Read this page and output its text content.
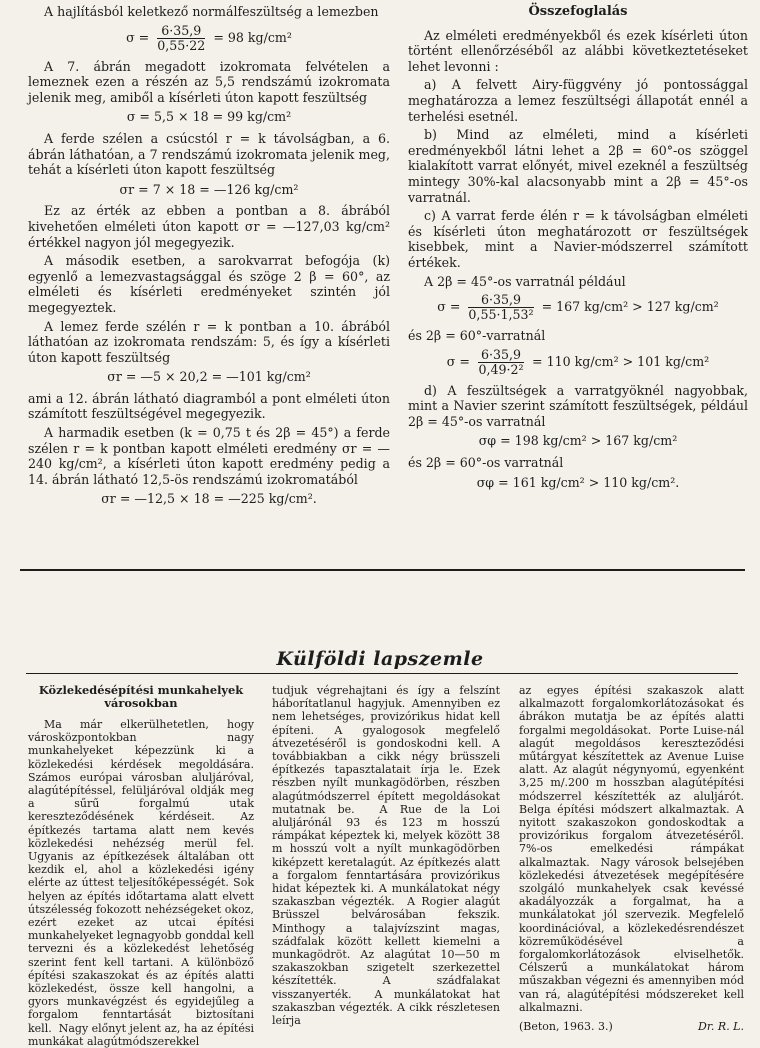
A hajlításból keletkező normálfeszültség a lemezben

$\sigma = \frac{6\cdot 35,9}{0,55\cdot 22} = 98$ kg/cm²

A 7. ábrán megadott izokromata felvételen a lemeznek ezen a részén az 5,5 rendszámú izokromata jelenik meg, amiből a kísérleti úton kapott feszültség

σ = 5,5 × 18 = 99 kg/cm²

A ferde szélen a csúcstól r = k távolságban, a 6. ábrán láthatóan, a 7 rendszámú izokromata jelenik meg, tehát a kísérleti úton kapott feszültség

σr = 7 × 18 = —126 kg/cm²

Ez az érték az ebben a pontban a 8. ábrából kivehetően elméleti úton kapott σr = —127,03 kg/cm² értékkel nagyon jól megegyezik.

A második esetben, a sarokvarrat befogója (k) egyenlő a lemezvastagsággal és szöge 2 β = 60°, az elméleti és kísérleti eredményeket szintén jól megegyeztek.

A lemez ferde szélén r = k pontban a 10. ábrából láthatóan az izokromata rendszám: 5, és így a kísérleti úton kapott feszültség

σr = —5 × 20,2 = —101 kg/cm²

ami a 12. ábrán látható diagramból a pont elméleti úton számított feszültségével megegyezik.

A harmadik esetben (k = 0,75 t és 2β = 45°) a ferde szélen r = k pontban kapott elméleti eredmény σr = —240 kg/cm², a kísérleti úton kapott eredmény pedig a 14. ábrán látható 12,5-ös rendszámú izokromatából

σr = —12,5 × 18 = —225 kg/cm².
Összefoglalás

Az elméleti eredményekből és ezek kísérleti úton történt ellenőrzéséből az alábbi következtetéseket lehet levonni :

a) A felvett Airy-függvény jó pontossággal meghatározza a lemez feszültségi állapotát ennél a terhelési esetnél.

b) Mind az elméleti, mind a kísérleti eredményekből látni lehet a 2β = 60°-os szöggel kialakított varrat előnyét, mivel ezeknél a feszültség mintegy 30%-kal alacsonyabb mint a 2β = 45°-os varratnál.

c) A varrat ferde élén r = k távolságban elméleti és kísérleti úton meghatározott σr feszültségek kisebbek, mint a Navier-módszerrel számított értékek.

A 2β = 45°-os varratnál például

$\sigma = \frac{6\cdot 35,9}{\text{0,55·1,53²}} = 167$ kg/cm² > 127 kg/cm²

és 2β = 60°-varratnál

$\sigma = \frac{6\cdot 35,9}{\text{0,49·2²}} = 110$ kg/cm² > 101 kg/cm²

d) A feszültségek a varratgyöknél nagyobbak, mint a Navier szerint számított feszültségek, például 2β = 45°-os varratnál

σφ = 198 kg/cm² > 167 kg/cm²

és 2β = 60°-os varratnál

σφ = 161 kg/cm² > 110 kg/cm².
Külföldi lapszemle
Közlekedésépítési munkahelyek városokban

Ma már elkerülhetetlen, hogy városközpontokban nagy munkahelyeket képezzünk ki a közlekedési kérdések megoldására. Számos európai városban aluljáróval, alagútépítéssel, felüljáróval oldják meg a sűrű forgalmú utak kereszteződésének kérdéseit. Az építkezés tartama alatt nem kevés közlekedési nehézség merül fel. Ugyanis az építkezések általában ott kezdik el, ahol a közlekedési igény elérte az úttest teljesítőképességét. Sok helyen az építés időtartama alatt elvett útszélesség fokozott nehézségeket okoz, ezért ezeket az utcai építési munkahelyeket legnagyobb gonddal kell tervezni és a közlekedést lehetőség szerint fent kell tartani. A különböző építési szakaszokat és az építés alatti közlekedést, össze kell hangolni, a gyors munkavégzést és egyidejűleg a forgalom fenntartását biztosítani kell.  Nagy előnyt jelent az, ha az építési munkákat alagútmódszerekkel

tudjuk végrehajtani és így a felszínt háborítatlanul hagyjuk. Amennyiben ez nem lehetséges, provizórikus hidat kell építeni. A gyalogosok megfelelő átvezetéséről is gondoskodni kell. A továbbiakban a cikk négy brüsszeli építkezés tapasztalatait írja le. Ezek részben nyílt munkagödörben, részben alagútmódszerrel épített megoldásokat mutatnak be.  A Rue de la Loi aluljárónál 93 és 123 m hosszú rámpákat képeztek ki, melyek között 38 m hosszú volt a nyílt munkagödörben kiképzett keretalagút. Az építkezés alatt a forgalom fenntartására provizórikus hidat képeztek ki. A munkálatokat négy szakaszban végezték.  A Rogier alagút Brüsszel belvárosában fekszik. Minthogy a talajvízszint magas, szádfalak között kellett kiemelni a munkagödröt. Az alagútat 10—50 m szakaszokban szigetelt szerkezettel készítették. A szádfalakat visszanyerték.  A munkálatokat hat szakaszban végezték. A cikk részletesen leírja

az egyes építési szakaszok alatt alkalmazott forgalomkorlátozásokat és ábrákon mutatja be az építés alatti forgalmi megoldásokat.  Porte Luise-nál alagút megoldásos kereszteződési műtárgyat készítettek az Avenue Luise alatt. Az alagút négynyomú, egyenként 3,25 m/.200 m hosszban alagútépítési módszerrel készítették az aluljárót. Belga építési módszert alkalmaztak. A nyitott szakaszokon gondoskodtak a provizórikus forgalom átvezetéséről. 7%-os emelkedési rámpákat alkalmaztak.  Nagy városok belsejében közlekedési átvezetések megépítésére szolgáló munkahelyek csak kevéssé akadályozzák a forgalmat, ha a munkálatokat jól szervezik. Megfelelő koordinációval, a közlekedésrendészet közreműködésével a forgalomkorlátozások elviselhetők. Célszerű a munkálatokat három műszakban végezni és amennyiben mód van rá, alagútépítési módszereket kell alkalmazni.

(Beton, 1963. 3.)	Dr. R. L.
